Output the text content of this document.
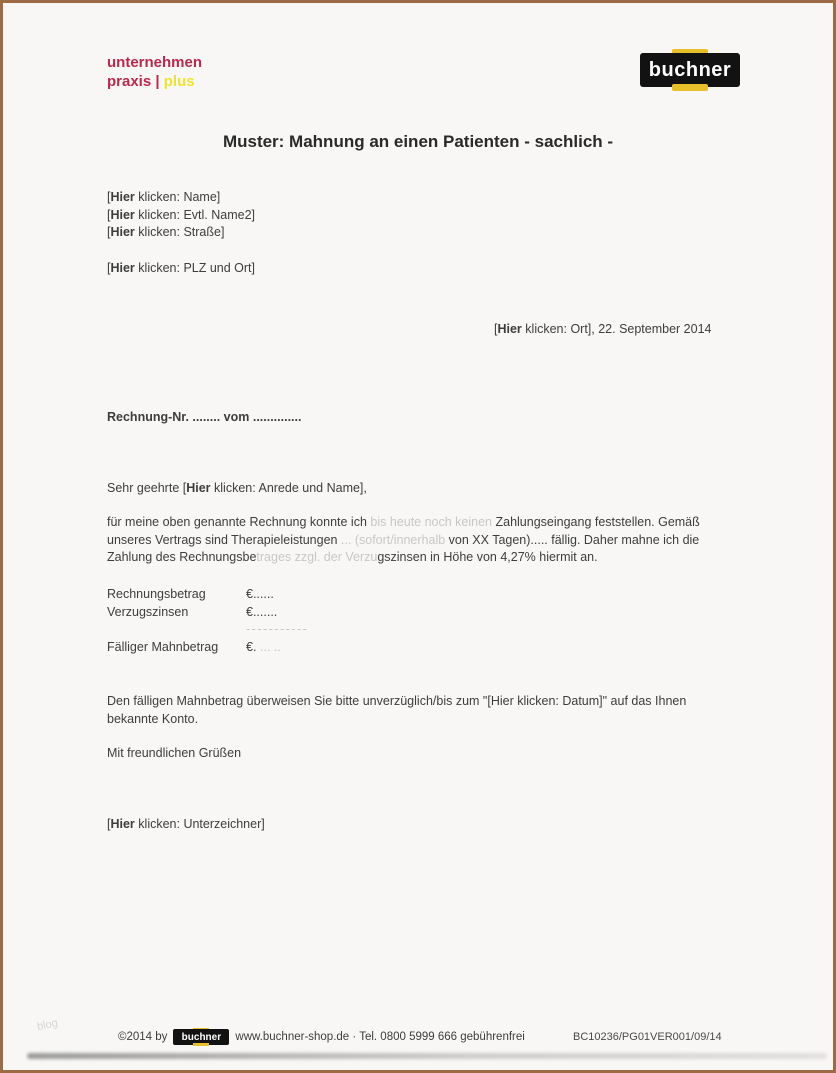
unternehmen
praxis | plus
buchner
Muster: Mahnung an einen Patienten - sachlich -
[Hier klicken: Name]
[Hier klicken: Evtl. Name2]
[Hier klicken: Straße]
[Hier klicken: PLZ und Ort]
[Hier klicken: Ort], 22. September 2014
Rechnung-Nr. ........ vom ..............
Sehr geehrte [Hier klicken: Anrede und Name],

für meine oben genannte Rechnung konnte ich bis heute noch keinen Zahlungseingang feststellen. Gemäß unseres Vertrags sind Therapieleistungen ... (sofort/innerhalb von XX Tagen)..... fällig. Daher mahne ich die Zahlung des Rechnungsbetrages zzgl. der Verzugszinsen in Höhe von 4,27% hiermit an.

Rechnungsbetrag	€......
Verzugszinsen	€.......
-----------
Fälliger Mahnbetrag €. ... ..

Den fälligen Mahnbetrag überweisen Sie bitte unverzüglich/bis zum "[Hier klicken: Datum]" auf das Ihnen bekannte Konto.

Mit freundlichen Grüßen
[Hier klicken: Unterzeichner]
blog
©2014 by buchner www.buchner-shop.de · Tel. 0800 5999 666 gebührenfrei	BC10236/PG01VER001/09/14
